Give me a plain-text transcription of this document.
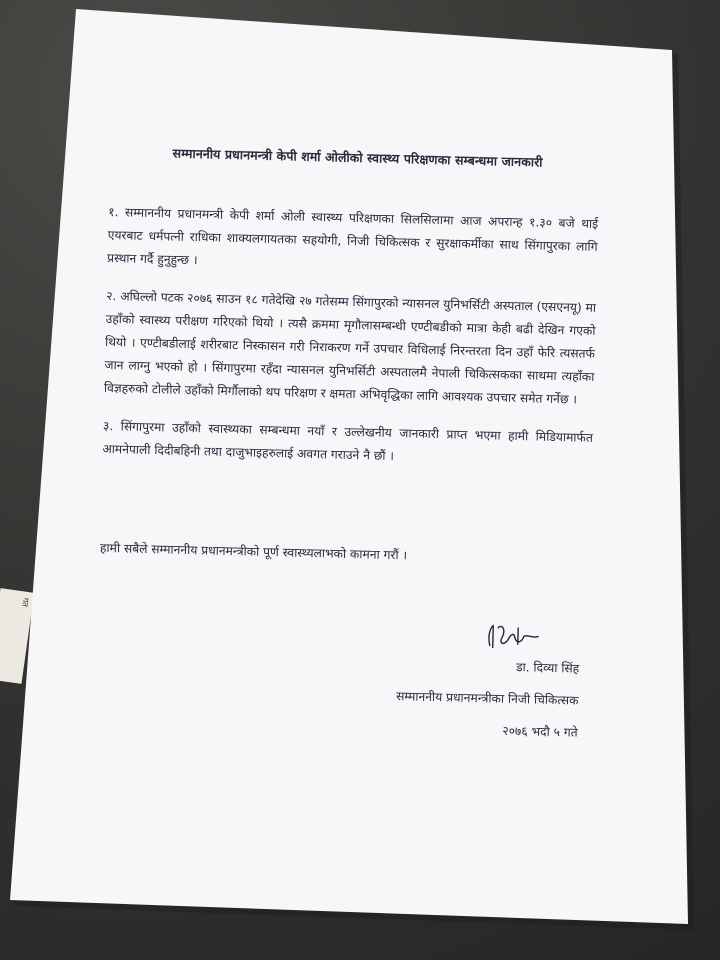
गत
सम्माननीय प्रधानमन्त्री केपी शर्मा ओलीको स्वास्थ्य परिक्षणका सम्बन्धमा जानकारी

१. सम्माननीय प्रधानमन्त्री केपी शर्मा ओली स्वास्थ्य परिक्षणका सिलसिलामा आज अपरान्ह १.३० बजे थाई एयरबाट धर्मपत्नी राधिका शाक्यलगायतका सहयोगी, निजी चिकित्सक र सुरक्षाकर्मीका साथ सिंगापुरका लागि प्रस्थान गर्दै हुनुहुन्छ ।

२. अघिल्लो पटक २०७६ साउन १८ गतेदेखि २७ गतेसम्म सिंगापुरको न्यासनल युनिभर्सिटी अस्पताल (एसएनयू) मा उहाँको स्वास्थ्य परीक्षण गरिएको थियो । त्यसै क्रममा मृगौलासम्बन्धी एण्टीबडीको मात्रा केही बढी देखिन गएको थियो । एण्टीबडीलाई शरीरबाट निस्कासन गरी निराकरण गर्ने उपचार विधिलाई निरन्तरता दिन उहाँ फेरि त्यसतर्फ जान लाग्नु भएको हो । सिंगापुरमा रहँदा न्यासनल युनिभर्सिटी अस्पतालमै नेपाली चिकित्सकका साथमा त्यहाँका विज्ञहरुको टोलीले उहाँको मिर्गौलाको थप परिक्षण र क्षमता अभिवृद्धिका लागि आवश्यक उपचार समेत गर्नेछ ।

३. सिंगापुरमा उहाँको स्वास्थ्यका सम्बन्धमा नयाँ र उल्लेखनीय जानकारी प्राप्त भएमा हामी मिडियामार्फत आमनेपाली दिदीबहिनी तथा दाजुभाइहरुलाई अवगत गराउने नै छौं ।

हामी सबैले सम्माननीय प्रधानमन्त्रीको पूर्ण स्वास्थ्यलाभको कामना गरौं ।

डा. दिव्या सिंह
सम्माननीय प्रधानमन्त्रीका निजी चिकित्सक
२०७६ भदौ ५ गते
